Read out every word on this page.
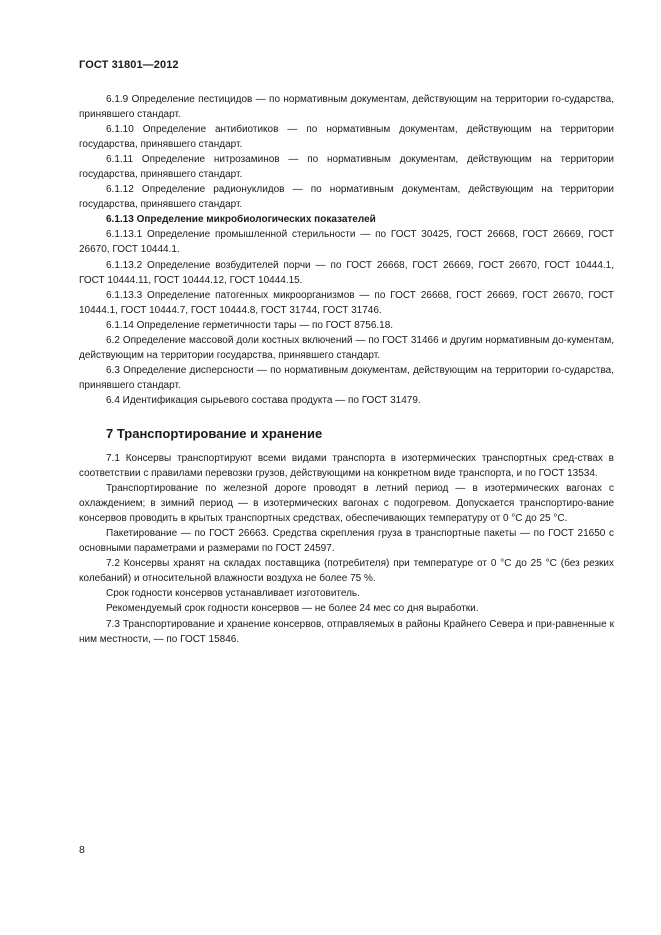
ГОСТ 31801—2012

6.1.9 Определение пестицидов — по нормативным документам, действующим на территории го-сударства, принявшего стандарт.

6.1.10 Определение антибиотиков — по нормативным документам, действующим на территории государства, принявшего стандарт.

6.1.11 Определение нитрозаминов — по нормативным документам, действующим на территории государства, принявшего стандарт.

6.1.12 Определение радионуклидов — по нормативным документам, действующим на территории государства, принявшего стандарт.

6.1.13 Определение микробиологических показателей

6.1.13.1 Определение промышленной стерильности — по ГОСТ 30425, ГОСТ 26668, ГОСТ 26669, ГОСТ 26670, ГОСТ 10444.1.

6.1.13.2 Определение возбудителей порчи — по ГОСТ 26668, ГОСТ 26669, ГОСТ 26670, ГОСТ 10444.1, ГОСТ 10444.11, ГОСТ 10444.12, ГОСТ 10444.15.

6.1.13.3 Определение патогенных микроорганизмов — по ГОСТ 26668, ГОСТ 26669, ГОСТ 26670, ГОСТ 10444.1, ГОСТ 10444.7, ГОСТ 10444.8, ГОСТ 31744, ГОСТ 31746.

6.1.14 Определение герметичности тары — по ГОСТ 8756.18.

6.2 Определение массовой доли костных включений — по ГОСТ 31466 и другим нормативным до-кументам, действующим на территории государства, принявшего стандарт.

6.3 Определение дисперсности — по нормативным документам, действующим на территории го-сударства, принявшего стандарт.

6.4 Идентификация сырьевого состава продукта — по ГОСТ 31479.

7 Транспортирование и хранение

7.1 Консервы транспортируют всеми видами транспорта в изотермических транспортных сред-ствах в соответствии с правилами перевозки грузов, действующими на конкретном виде транспорта, и по ГОСТ 13534.

Транспортирование по железной дороге проводят в летний период — в изотермических вагонах с охлаждением; в зимний период — в изотермических вагонах с подогревом. Допускается транспортиро-вание консервов проводить в крытых транспортных средствах, обеспечивающих температуру от 0 °С до 25 °С.

Пакетирование — по ГОСТ 26663. Средства скрепления груза в транспортные пакеты — по ГОСТ 21650 с основными параметрами и размерами по ГОСТ 24597.

7.2 Консервы хранят на складах поставщика (потребителя) при температуре от 0 °С до 25 °С (без резких колебаний) и относительной влажности воздуха не более 75 %.

Срок годности консервов устанавливает изготовитель.

Рекомендуемый срок годности консервов — не более 24 мес со дня выработки.

7.3 Транспортирование и хранение консервов, отправляемых в районы Крайнего Севера и при-равненные к ним местности, — по ГОСТ 15846.

8
